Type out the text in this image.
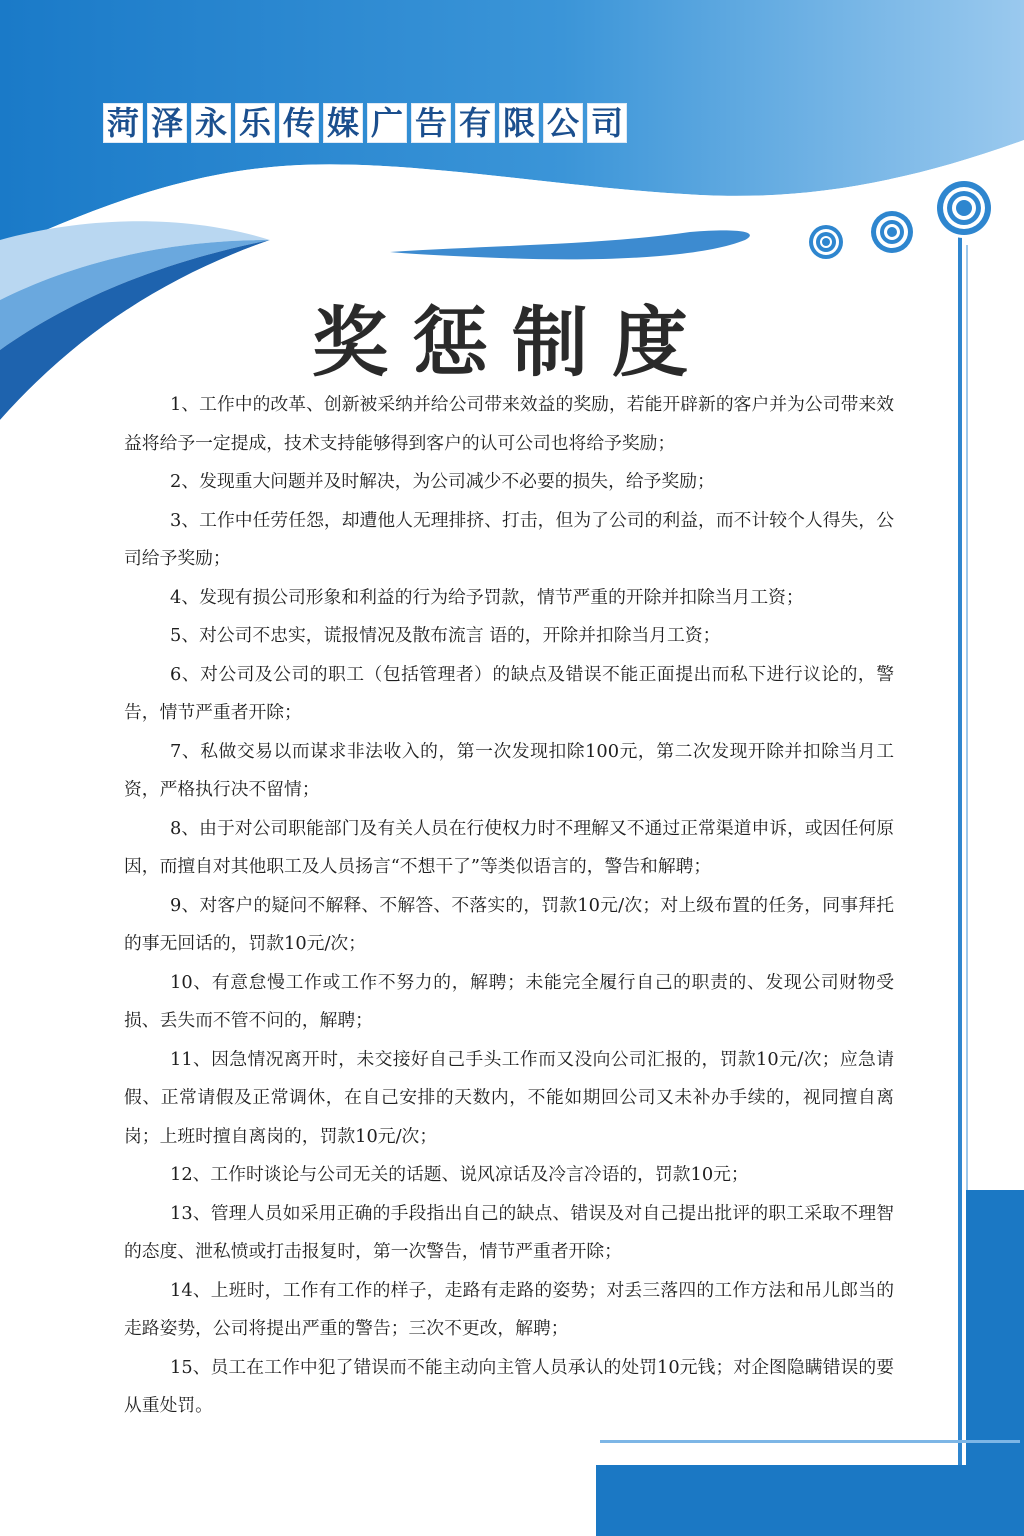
菏 泽 永 乐 传 媒 广 告 有 限 公 司
奖惩制度

1、工作中的改革、创新被采纳并给公司带来效益的奖励，若能开辟新的客户并为公司带来效益将给予一定提成，技术支持能够得到客户的认可公司也将给予奖励；

2、发现重大问题并及时解决，为公司减少不必要的损失，给予奖励；

3、工作中任劳任怨，却遭他人无理排挤、打击，但为了公司的利益，而不计较个人得失，公司给予奖励；

4、发现有损公司形象和利益的行为给予罚款，情节严重的开除并扣除当月工资；

5、对公司不忠实，谎报情况及散布流言 语的，开除并扣除当月工资；

6、对公司及公司的职工（包括管理者）的缺点及错误不能正面提出而私下进行议论的，警告，情节严重者开除；

7、私做交易以而谋求非法收入的，第一次发现扣除100元，第二次发现开除并扣除当月工资，严格执行决不留情；

8、由于对公司职能部门及有关人员在行使权力时不理解又不通过正常渠道申诉，或因任何原因，而擅自对其他职工及人员扬言“不想干了”等类似语言的，警告和解聘；

9、对客户的疑问不解释、不解答、不落实的，罚款10元/次；对上级布置的任务，同事拜托的事无回话的，罚款10元/次；

10、有意怠慢工作或工作不努力的，解聘；未能完全履行自己的职责的、发现公司财物受损、丢失而不管不问的，解聘；

11、因急情况离开时，未交接好自己手头工作而又没向公司汇报的，罚款10元/次；应急请假、正常请假及正常调休，在自己安排的天数内，不能如期回公司又未补办手续的，视同擅自离岗；上班时擅自离岗的，罚款10元/次；

12、工作时谈论与公司无关的话题、说风凉话及冷言冷语的，罚款10元；

13、管理人员如采用正确的手段指出自己的缺点、错误及对自己提出批评的职工采取不理智的态度、泄私愤或打击报复时，第一次警告，情节严重者开除；

14、上班时，工作有工作的样子，走路有走路的姿势；对丢三落四的工作方法和吊儿郎当的走路姿势，公司将提出严重的警告；三次不更改，解聘；

15、员工在工作中犯了错误而不能主动向主管人员承认的处罚10元钱；对企图隐瞒错误的要从重处罚。
